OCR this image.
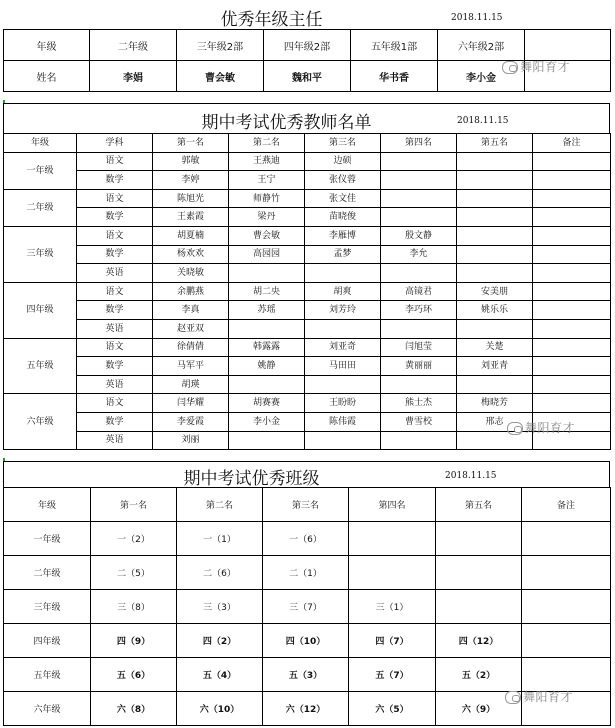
优秀年级主任	2018.11.15
年级	二年级	三年级2部	四年级2部	五年级1部	六年级2部	
姓名	李娟	曹会敏	魏和平	华书香	李小金	
期中考试优秀教师名单	2018.11.15
年级	学科	第一名	第二名	第三名	第四名	第五名	备注
一年级	语文	郭敏	王燕迪	边硕			
	数学	李婷	王宁	张仪蓉			
二年级	语文	陈旭光	师静竹	张文佳			
	数学	王素霞	梁丹	苗晓俊			
三年级	语文	胡夏楠	曹会敏	李雁博	殷文静		
	数学	杨欢欢	高园园	孟梦	李允		
	英语	关晓敏					
四年级	语文	余鹏燕	胡二央	胡爽	高镜君	安美朋	
	数学	李真	苏瑶	刘芳玲	李巧环	姚乐乐	
	英语	赵亚双					
五年级	语文	徐倩倩	韩露露	刘亚奇	闫旭莹	关楚	
	数学	马军平	姚静	马田田	黄丽丽	刘亚青	
	英语	胡瑛					
六年级	语文	闫华耀	胡赛赛	王盼盼	熊士杰	梅晓芳	
	数学	李爱霞	李小金	陈伟霞	曹雪校	邢志	
	英语	刘丽					
期中考试优秀班级	2018.11.15
年级	第一名	第二名	第三名	第四名	第五名	备注
一年级	一（2）	一（1）	一（6）			
二年级	二（5）	二（6）	二（1）			
三年级	三（8）	三（3）	三（7）	三（1）		
四年级	四（9）	四（2）	四（10）	四（7）	四（12）	
五年级	五（6）	五（4）	五（3）	五（7）	五（2）	
六年级	六（8）	六（10）	六（12）	六（5）	六（9）	
舞阳育才
舞阳育才
舞阳育才
